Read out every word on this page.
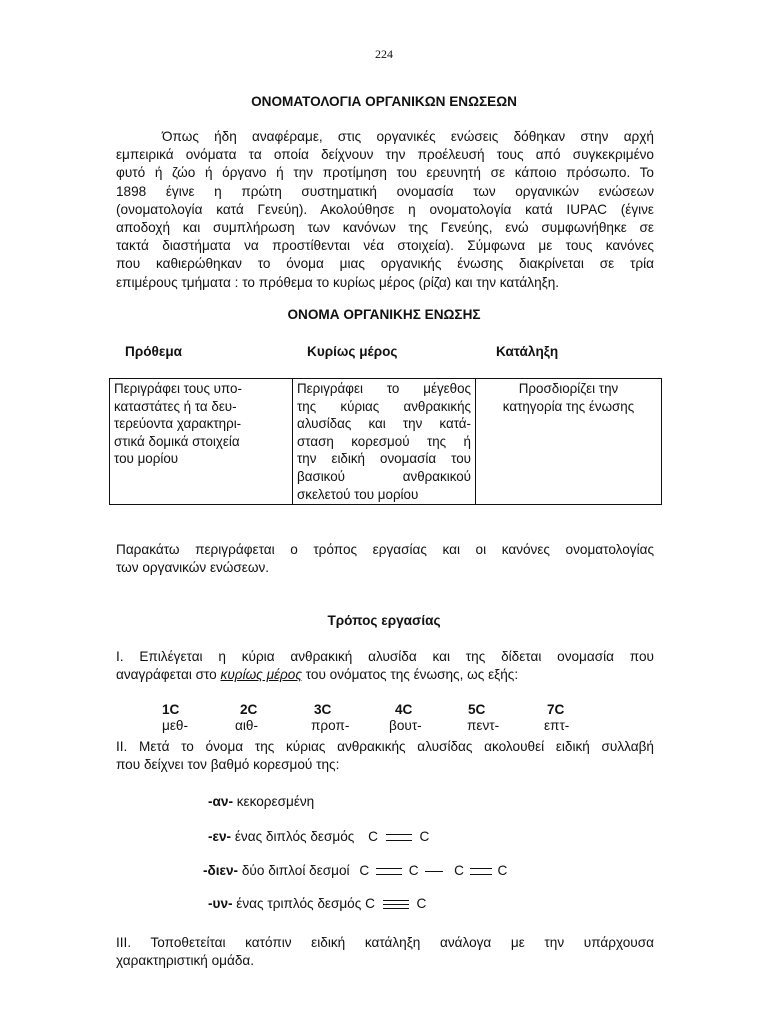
224
ΟΝΟΜΑΤΟΛΟΓΙΑ ΟΡΓΑΝΙΚΩΝ ΕΝΩΣΕΩΝ
Όπως ήδη αναφέραμε, στις οργανικές ενώσεις δόθηκαν στην αρχή
εμπειρικά ονόματα τα οποία δείχνουν την προέλευσή τους από συγκεκριμένο
φυτό ή ζώο ή όργανο ή την προτίμηση του ερευνητή σε κάποιο πρόσωπο. Το
1898 έγινε η πρώτη συστηματική ονομασία των οργανικών ενώσεων
(ονοματολογία κατά Γενεύη). Ακολούθησε η ονοματολογία κατά IUPAC (έγινε
αποδοχή και συμπλήρωση των κανόνων της Γενεύης, ενώ συμφωνήθηκε σε
τακτά διαστήματα να προστίθενται νέα στοιχεία). Σύμφωνα με τους κανόνες
που καθιερώθηκαν το όνομα μιας οργανικής ένωσης διακρίνεται σε τρία
επιμέρους τμήματα : το πρόθεμα το κυρίως μέρος (ρίζα) και την κατάληξη.
ΟΝΟΜΑ ΟΡΓΑΝΙΚΗΣ ΕΝΩΣΗΣ
Πρόθεμα	Κυρίως μέρος	Κατάληξη
Περιγράφει τους υπο-
καταστάτες ή τα δευ-
τερεύοντα χαρακτηρι-
στικά δομικά στοιχεία
του μορίου

Περιγράφει το μέγεθος
της κύριας ανθρακικής
αλυσίδας και την κατά-
σταση κορεσμού της ή
την ειδική ονομασία του
βασικού ανθρακικού
σκελετού του μορίου

Προσδιορίζει την
κατηγορία της ένωσης
Παρακάτω περιγράφεται ο τρόπος εργασίας και οι κανόνες ονοματολογίας
των οργανικών ενώσεων.
Τρόπος εργασίας
Ι. Επιλέγεται η κύρια ανθρακική αλυσίδα και της δίδεται ονομασία που
αναγράφεται στο κυρίως μέρος του ονόματος της ένωσης, ως εξής:
1C	2C	3C	4C	5C	7C
μεθ-	αιθ-	προπ-	βουτ-	πεντ-	επτ-
ΙΙ. Μετά το όνομα της κύριας ανθρακικής αλυσίδας ακολουθεί ειδική συλλαβή
που δείχνει τον βαθμό κορεσμού της:
-αν- κεκορεσμένη
-εν- ένας διπλός δεσμός C	C
-διεν- δύο διπλοί δεσμοί C	C	C C
-υν- ένας τριπλός δεσμός C	C
ΙΙΙ. Τοποθετείται κατόπιν ειδική κατάληξη ανάλογα με την υπάρχουσα
χαρακτηριστική ομάδα.
